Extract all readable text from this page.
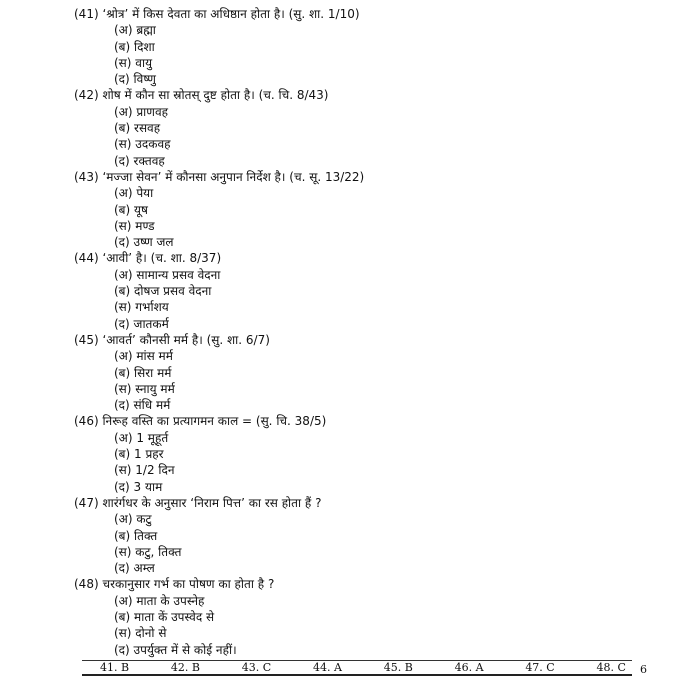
(41) ‘श्रोत्र’ में किस देवता का अधिष्ठान होता है। (सु. शा. 1/10)
(अ) ब्रह्मा
(ब) दिशा
(स) वायु
(द) विष्णु
(42) शोष में कौन सा स्रोतस् दुष्ट होता है। (च. चि. 8/43)
(अ) प्राणवह
(ब) रसवह
(स) उदकवह
(द) रक्तवह
(43) ‘मज्जा सेवन’ में कौनसा अनुपान निर्देश है। (च. सू. 13/22)
(अ) पेया
(ब) यूष
(स) मण्ड
(द) उष्ण जल
(44) ‘आवी’ है। (च. शा. 8/37)
(अ) सामान्य प्रसव वेदना
(ब) दोषज प्रसव वेदना
(स) गर्भाशय
(द) जातकर्म
(45) ‘आवर्त’ कौनसी मर्म है। (सु. शा. 6/7)
(अ) मांस मर्म
(ब) सिरा मर्म
(स) स्नायु मर्म
(द) संधि मर्म
(46) निरूह वस्ति का प्रत्यागमन काल = (सु. चि. 38/5)
(अ) 1 मूहूर्त
(ब) 1 प्रहर
(स) 1/2 दिन
(द) 3 याम
(47) शारंर्गधर के अनुसार ‘निराम पित्त’ का रस होता हैं ?
(अ) कटु
(ब) तिक्त
(स) कटु, तिक्त
(द) अम्ल
(48) चरकानुसार गर्भ का पोषण का होता है ?
(अ) माता के उपस्नेह
(ब) माता कें उपस्वेद से
(स) दोनो से
(द) उपर्युक्त में से कोई नहीं।
41. B	42. B	43. C	44. A	45. B	46. A	47. C	48. C 6
